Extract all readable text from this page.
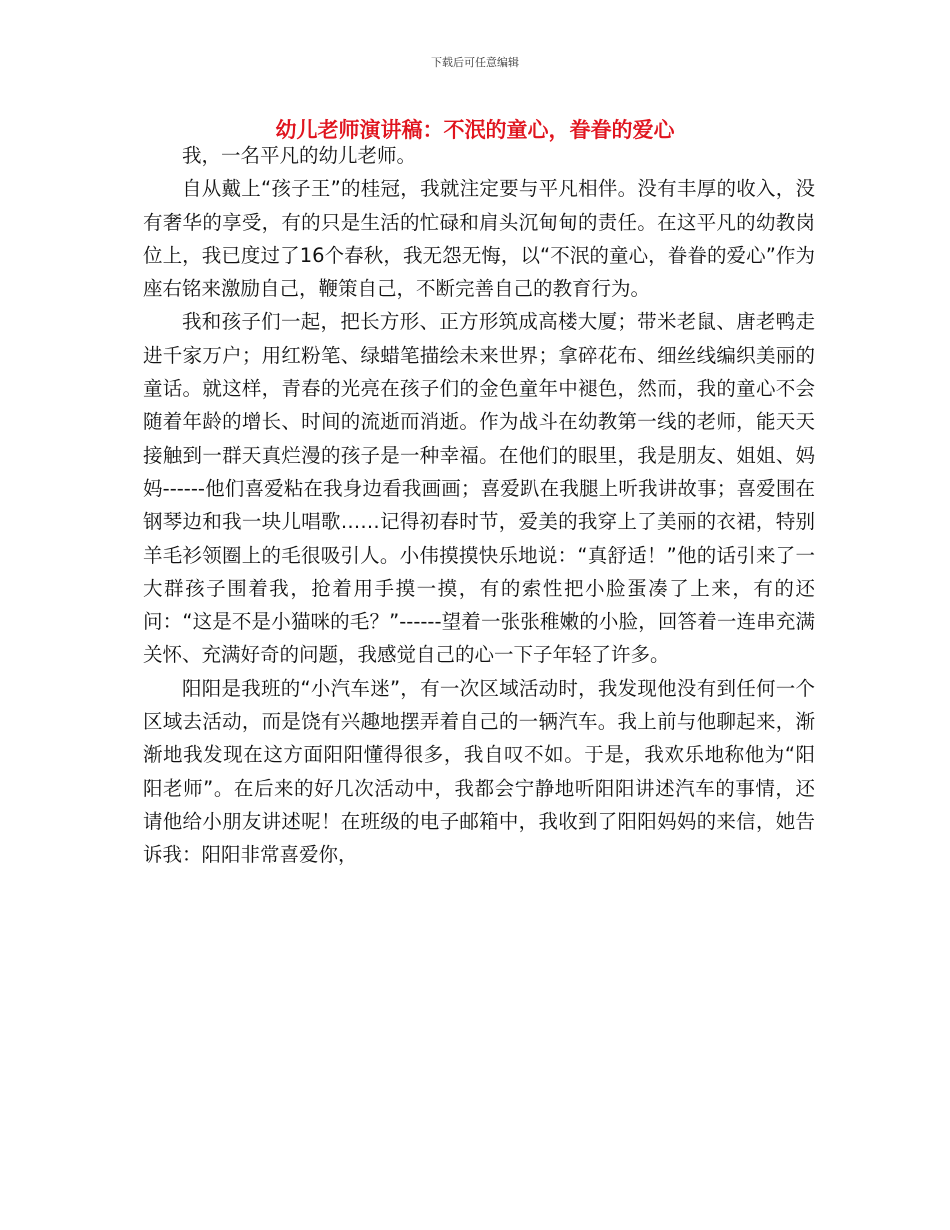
下载后可任意编辑
幼儿老师演讲稿：不泯的童心，眷眷的爱心

我，一名平凡的幼儿老师。

自从戴上“孩子王”的桂冠，我就注定要与平凡相伴。没有丰厚的收入，没有奢华的享受，有的只是生活的忙碌和肩头沉甸甸的责任。在这平凡的幼教岗位上，我已度过了16个春秋，我无怨无悔，以“不泯的童心，眷眷的爱心”作为座右铭来激励自己，鞭策自己，不断完善自己的教育行为。

我和孩子们一起，把长方形、正方形筑成高楼大厦；带米老鼠、唐老鸭走进千家万户；用红粉笔、绿蜡笔描绘未来世界；拿碎花布、细丝线编织美丽的童话。就这样，青春的光亮在孩子们的金色童年中褪色，然而，我的童心不会随着年龄的增长、时间的流逝而消逝。作为战斗在幼教第一线的老师，能天天接触到一群天真烂漫的孩子是一种幸福。在他们的眼里，我是朋友、姐姐、妈妈------他们喜爱粘在我身边看我画画；喜爱趴在我腿上听我讲故事；喜爱围在钢琴边和我一块儿唱歌……记得初春时节，爱美的我穿上了美丽的衣裙，特别羊毛衫领圈上的毛很吸引人。小伟摸摸快乐地说：“真舒适！”他的话引来了一大群孩子围着我，抢着用手摸一摸，有的索性把小脸蛋凑了上来，有的还问：“这是不是小猫咪的毛？”------望着一张张稚嫩的小脸，回答着一连串充满关怀、充满好奇的问题，我感觉自己的心一下子年轻了许多。

阳阳是我班的“小汽车迷”，有一次区域活动时，我发现他没有到任何一个区域去活动，而是饶有兴趣地摆弄着自己的一辆汽车。我上前与他聊起来，渐渐地我发现在这方面阳阳懂得很多，我自叹不如。于是，我欢乐地称他为“阳阳老师”。在后来的好几次活动中，我都会宁静地听阳阳讲述汽车的事情，还请他给小朋友讲述呢！在班级的电子邮箱中，我收到了阳阳妈妈的来信，她告诉我：阳阳非常喜爱你，
